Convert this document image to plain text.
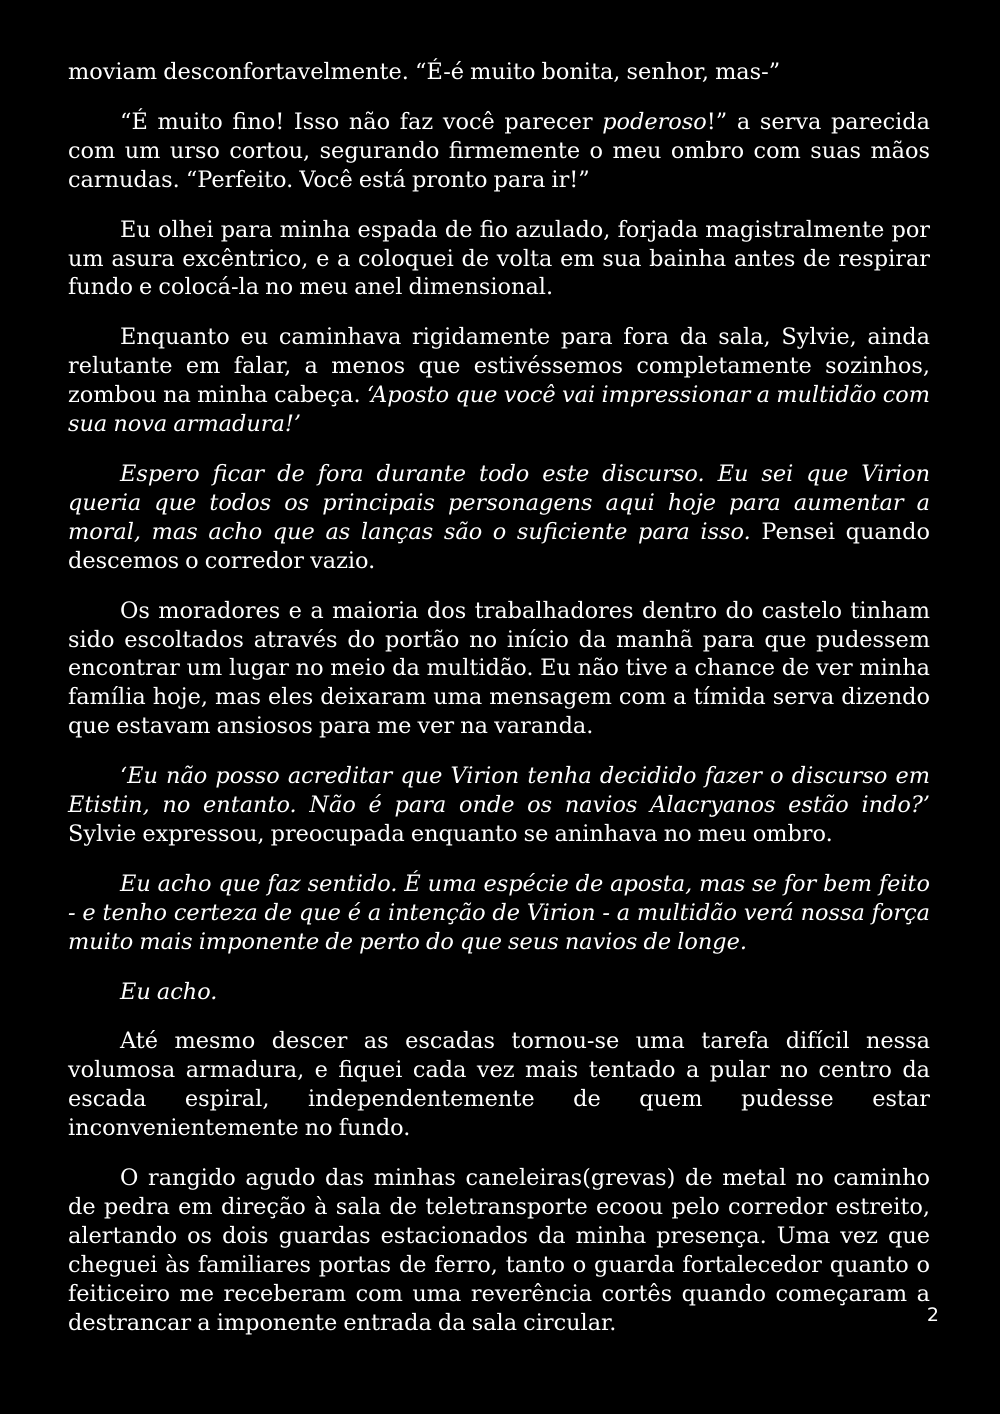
moviam desconfortavelmente. “É-é muito bonita, senhor, mas-”

“É muito fino! Isso não faz você parecer poderoso!” a serva parecida com um urso cortou, segurando firmemente o meu ombro com suas mãos carnudas. “Perfeito. Você está pronto para ir!”

Eu olhei para minha espada de fio azulado, forjada magistralmente por um asura excêntrico, e a coloquei de volta em sua bainha antes de respirar fundo e colocá-la no meu anel dimensional.

Enquanto eu caminhava rigidamente para fora da sala, Sylvie, ainda relutante em falar, a menos que estivéssemos completamente sozinhos, zombou na minha cabeça. ‘Aposto que você vai impressionar a multidão com sua nova armadura!’

Espero ficar de fora durante todo este discurso. Eu sei que Virion queria que todos os principais personagens aqui hoje para aumentar a moral, mas acho que as lanças são o suficiente para isso. Pensei quando descemos o corredor vazio.

Os moradores e a maioria dos trabalhadores dentro do castelo tinham sido escoltados através do portão no início da manhã para que pudessem encontrar um lugar no meio da multidão. Eu não tive a chance de ver minha família hoje, mas eles deixaram uma mensagem com a tímida serva dizendo que estavam ansiosos para me ver na varanda.

‘Eu não posso acreditar que Virion tenha decidido fazer o discurso em Etistin, no entanto. Não é para onde os navios Alacryanos estão indo?’ Sylvie expressou, preocupada enquanto se aninhava no meu ombro.

Eu acho que faz sentido. É uma espécie de aposta, mas se for bem feito - e tenho certeza de que é a intenção de Virion - a multidão verá nossa força muito mais imponente de perto do que seus navios de longe.

Eu acho.

Até mesmo descer as escadas tornou-se uma tarefa difícil nessa volumosa armadura, e fiquei cada vez mais tentado a pular no centro da escada espiral, independentemente de quem pudesse estar inconvenientemente no fundo.

O rangido agudo das minhas caneleiras(grevas) de metal no caminho de pedra em direção à sala de teletransporte ecoou pelo corredor estreito, alertando os dois guardas estacionados da minha presença. Uma vez que cheguei às familiares portas de ferro, tanto o guarda fortalecedor quanto o feiticeiro me receberam com uma reverência cortês quando começaram a destrancar a imponente entrada da sala circular.	2
